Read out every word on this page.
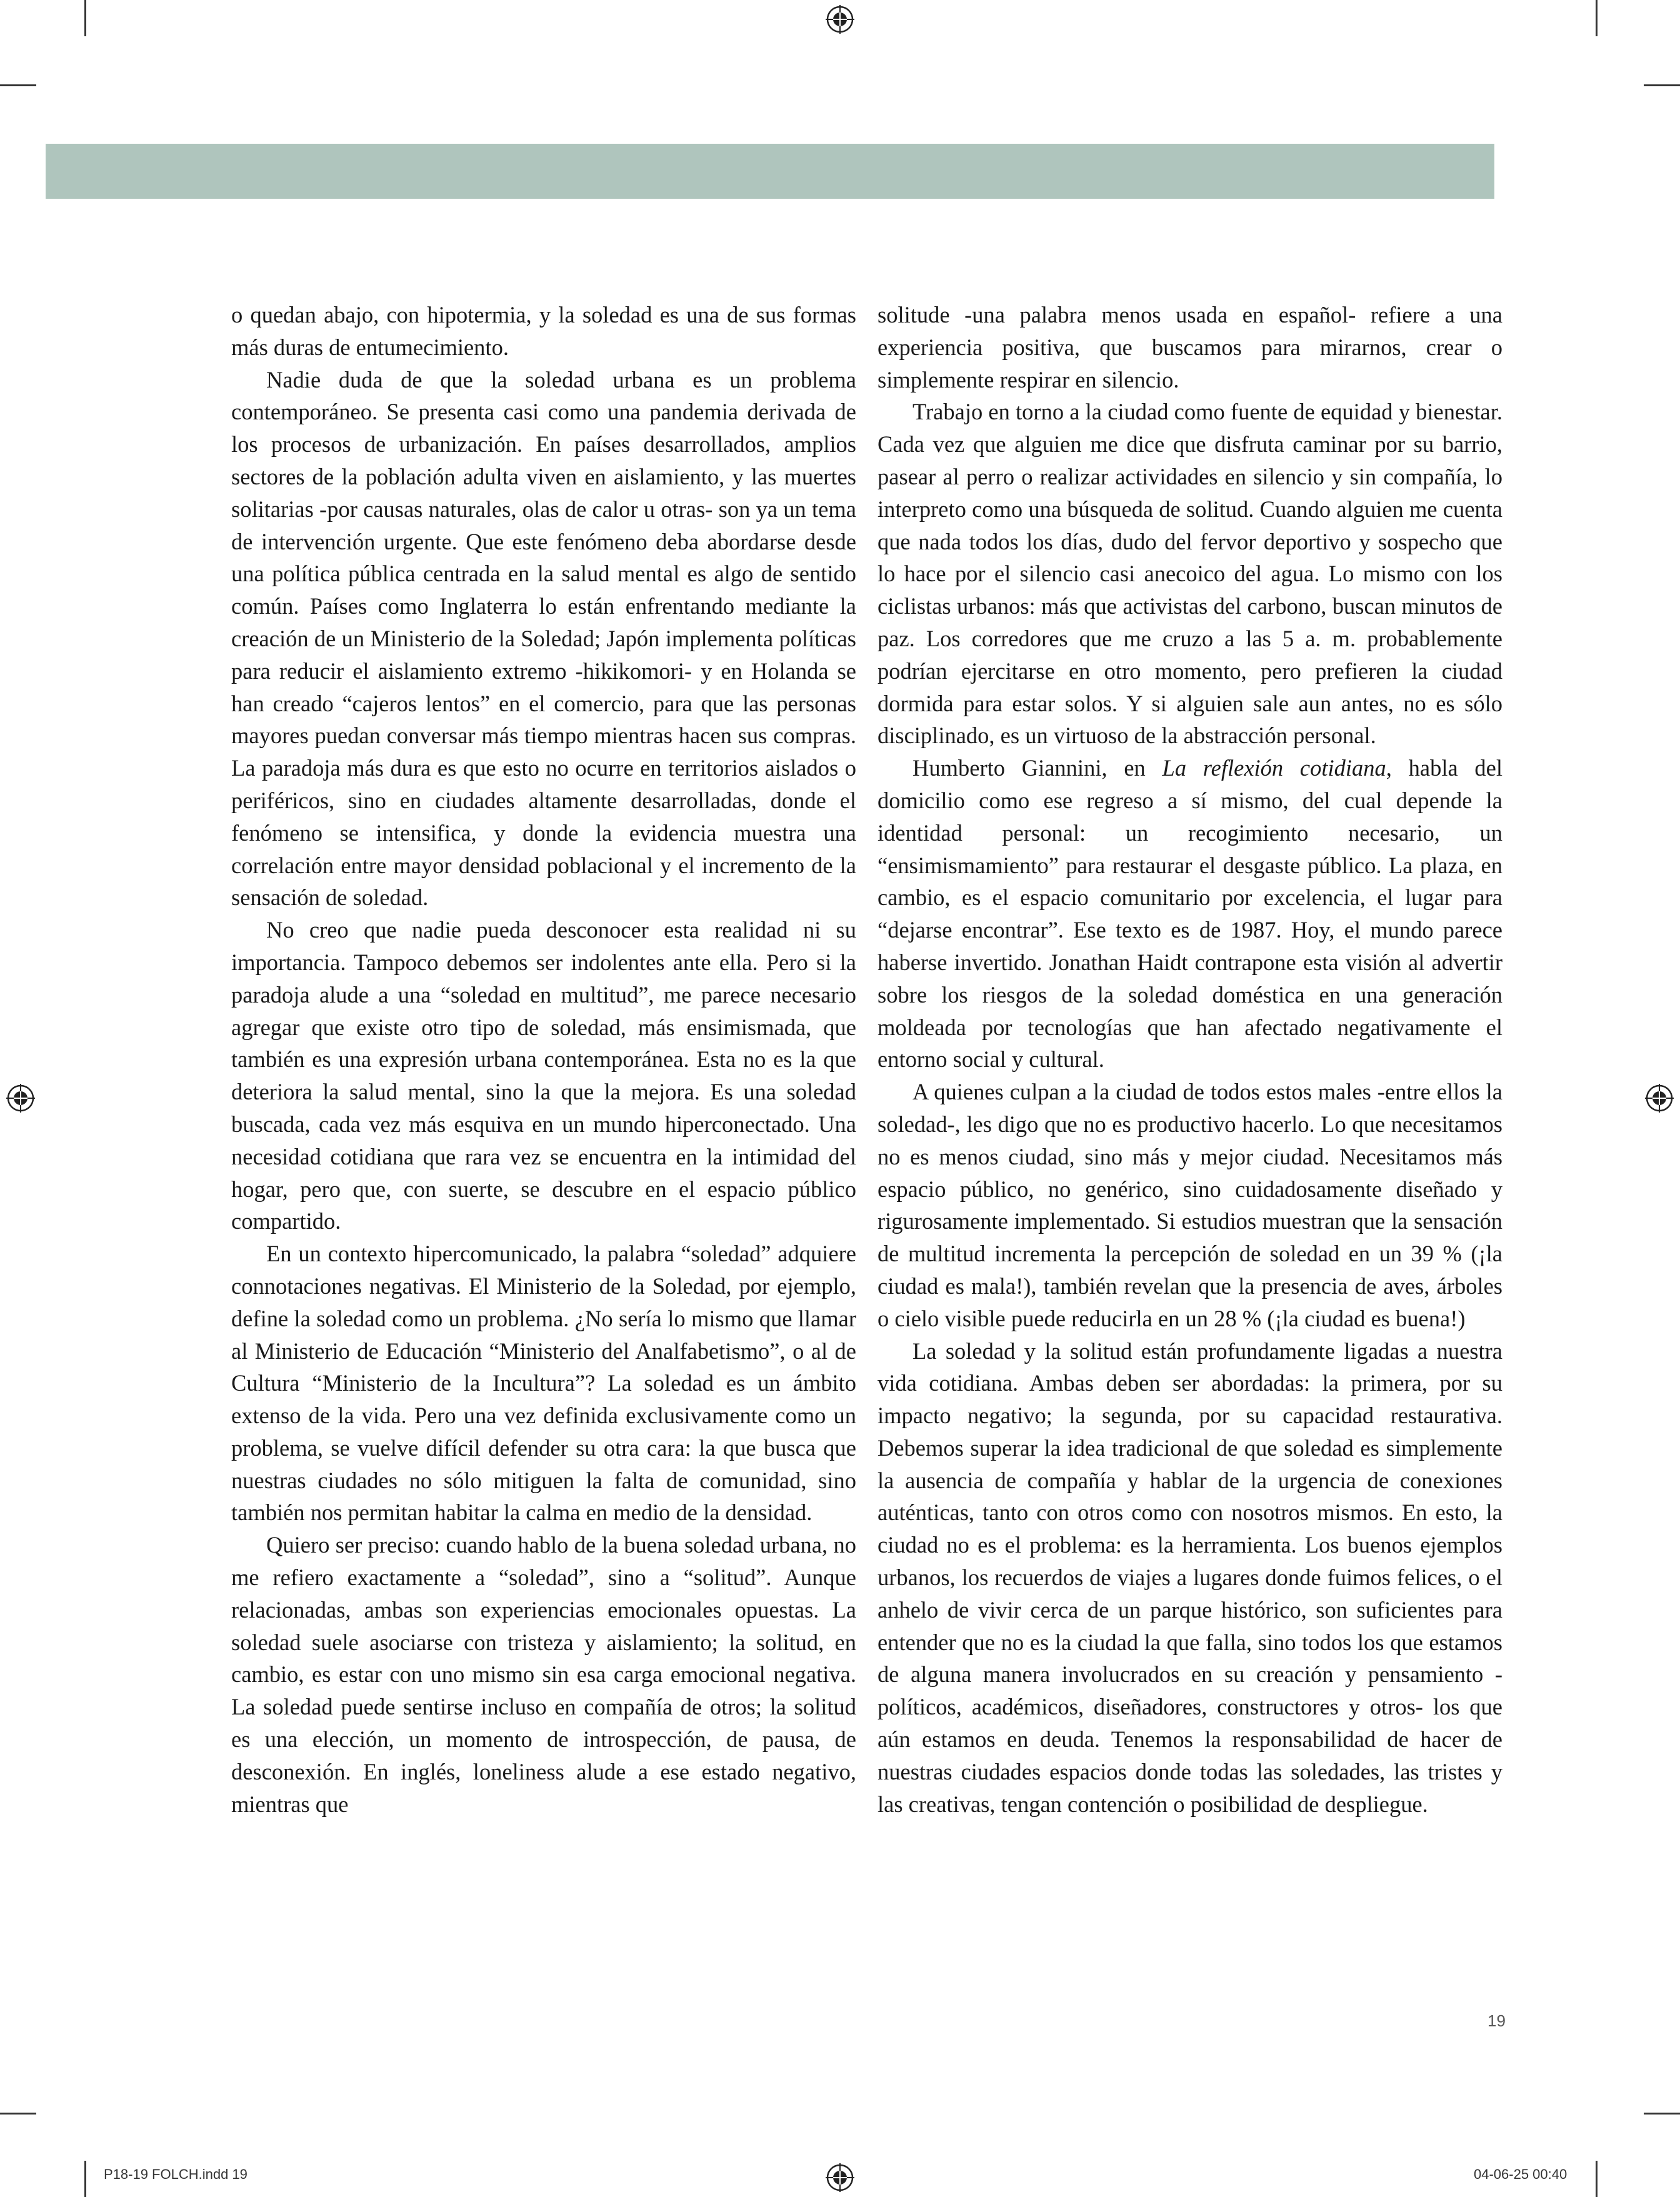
o quedan abajo, con hipotermia, y la soledad es una de sus formas más duras de entumecimiento.

Nadie duda de que la soledad urbana es un problema contemporáneo. Se presenta casi como una pandemia derivada de los procesos de urbanización. En países desarrollados, amplios sectores de la población adulta viven en aislamiento, y las muertes solitarias -por causas naturales, olas de calor u otras- son ya un tema de intervención urgente. Que este fenómeno deba abordarse desde una política pública centrada en la salud mental es algo de sentido común. Países como Inglaterra lo están enfrentando mediante la creación de un Ministerio de la Soledad; Japón implementa políticas para reducir el aislamiento extremo -hikikomori- y en Holanda se han creado “cajeros lentos” en el comercio, para que las personas mayores puedan conversar más tiempo mientras hacen sus compras. La paradoja más dura es que esto no ocurre en territorios aislados o periféricos, sino en ciudades altamente desarrolladas, donde el fenómeno se intensifica, y donde la evidencia muestra una correlación entre mayor densidad poblacional y el incremento de la sensación de soledad.

No creo que nadie pueda desconocer esta realidad ni su importancia. Tampoco debemos ser indolentes ante ella. Pero si la paradoja alude a una “soledad en multitud”, me parece necesario agregar que existe otro tipo de soledad, más ensimismada, que también es una expresión urbana contemporánea. Esta no es la que deteriora la salud mental, sino la que la mejora. Es una soledad buscada, cada vez más esquiva en un mundo hiperconectado. Una necesidad cotidiana que rara vez se encuentra en la intimidad del hogar, pero que, con suerte, se descubre en el espacio público compartido.

En un contexto hipercomunicado, la palabra “soledad” adquiere connotaciones negativas. El Ministerio de la Soledad, por ejemplo, define la soledad como un problema. ¿No sería lo mismo que llamar al Ministerio de Educación “Ministerio del Analfabetismo”, o al de Cultura “Ministerio de la Incultura”? La soledad es un ámbito extenso de la vida. Pero una vez definida exclusivamente como un problema, se vuelve difícil defender su otra cara: la que busca que nuestras ciudades no sólo mitiguen la falta de comunidad, sino también nos permitan habitar la calma en medio de la densidad.

Quiero ser preciso: cuando hablo de la buena soledad urbana, no me refiero exactamente a “soledad”, sino a “solitud”. Aunque relacionadas, ambas son experiencias emocionales opuestas. La soledad suele asociarse con tristeza y aislamiento; la solitud, en cambio, es estar con uno mismo sin esa carga emocional negativa. La soledad puede sentirse incluso en compañía de otros; la solitud es una elección, un momento de introspección, de pausa, de desconexión. En inglés, loneliness alude a ese estado negativo, mientras que

solitude -una palabra menos usada en español- refiere a una experiencia positiva, que buscamos para mirarnos, crear o simplemente respirar en silencio.

Trabajo en torno a la ciudad como fuente de equidad y bienestar. Cada vez que alguien me dice que disfruta caminar por su barrio, pasear al perro o realizar actividades en silencio y sin compañía, lo interpreto como una búsqueda de solitud. Cuando alguien me cuenta que nada todos los días, dudo del fervor deportivo y sospecho que lo hace por el silencio casi anecoico del agua. Lo mismo con los ciclistas urbanos: más que activistas del carbono, buscan minutos de paz. Los corredores que me cruzo a las 5 a. m. probablemente podrían ejercitarse en otro momento, pero prefieren la ciudad dormida para estar solos. Y si alguien sale aun antes, no es sólo disciplinado, es un virtuoso de la abstracción personal.

Humberto Giannini, en La reflexión cotidiana, habla del domicilio como ese regreso a sí mismo, del cual depende la identidad personal: un recogimiento necesario, un “ensimismamiento” para restaurar el desgaste público. La plaza, en cambio, es el espacio comunitario por excelencia, el lugar para “dejarse encontrar”. Ese texto es de 1987. Hoy, el mundo parece haberse invertido. Jonathan Haidt contrapone esta visión al advertir sobre los riesgos de la soledad doméstica en una generación moldeada por tecnologías que han afectado negativamente el entorno social y cultural.

A quienes culpan a la ciudad de todos estos males -entre ellos la soledad-, les digo que no es productivo hacerlo. Lo que necesitamos no es menos ciudad, sino más y mejor ciudad. Necesitamos más espacio público, no genérico, sino cuidadosamente diseñado y rigurosamente implementado. Si estudios muestran que la sensación de multitud incrementa la percepción de soledad en un 39 % (¡la ciudad es mala!), también revelan que la presencia de aves, árboles o cielo visible puede reducirla en un 28 % (¡la ciudad es buena!)

La soledad y la solitud están profundamente ligadas a nuestra vida cotidiana. Ambas deben ser abordadas: la primera, por su impacto negativo; la segunda, por su capacidad restaurativa. Debemos superar la idea tradicional de que soledad es simplemente la ausencia de compañía y hablar de la urgencia de conexiones auténticas, tanto con otros como con nosotros mismos. En esto, la ciudad no es el problema: es la herramienta. Los buenos ejemplos urbanos, los recuerdos de viajes a lugares donde fuimos felices, o el anhelo de vivir cerca de un parque histórico, son suficientes para entender que no es la ciudad la que falla, sino todos los que estamos de alguna manera involucrados en su creación y pensamiento -políticos, académicos, diseñadores, constructores y otros- los que aún estamos en deuda. Tenemos la responsabilidad de hacer de nuestras ciudades espacios donde todas las soledades, las tristes y las creativas, tengan contención o posibilidad de despliegue.

19
P18-19 FOLCH.indd 19	04-06-25 00:40
